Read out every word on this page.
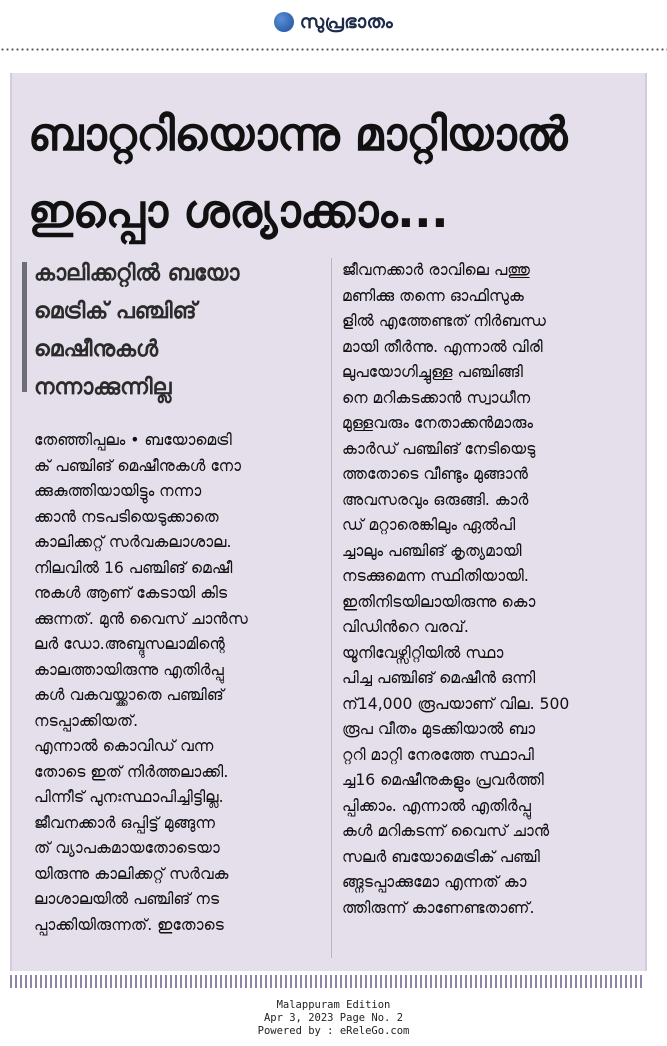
സുപ്രഭാതം
ബാറ്ററിയൊന്നു മാറ്റിയാൽ
ഇപ്പൊ ശര്യാക്കാം...
കാലിക്കറ്റിൽ ബയോ
മെട്രിക് പഞ്ചിങ്
മെഷീനുകൾ
നന്നാക്കുന്നില്ല
തേഞ്ഞിപ്പലം • ബയോമെട്രി
ക് പഞ്ചിങ് മെഷീനുകൾ നോ
ക്കുകുത്തിയായിട്ടും നന്നാ
ക്കാൻ നടപടിയെടുക്കാതെ
കാലിക്കറ്റ് സർവകലാശാല.
നിലവിൽ 16 പഞ്ചിങ് മെഷീ
നുകൾ ആണ് കേടായി കിട
ക്കുന്നത്. മുൻ വൈസ് ചാൻസ
ലർ ഡോ.അബ്ദുസലാമിന്റെ
കാലത്തായിരുന്നു എതിർപ്പു
കൾ വകവയ്ക്കാതെ പഞ്ചിങ്
നടപ്പാക്കിയത്.
എന്നാൽ കൊവിഡ് വന്ന
തോടെ ഇത് നിർത്തലാക്കി.
പിന്നീട് പുനഃസ്ഥാപിച്ചിട്ടില്ല.
ജീവനക്കാർ ഒപ്പിട്ട് മുങ്ങുന്ന
ത് വ്യാപകമായതോടെയാ
യിരുന്നു കാലിക്കറ്റ് സർവക
ലാശാലയിൽ പഞ്ചിങ് നട
പ്പാക്കിയിരുന്നത്. ഇതോടെ
ജീവനക്കാർ രാവിലെ പത്തു
മണിക്കു തന്നെ ഓഫിസുക
ളിൽ എത്തേണ്ടത് നിർബന്ധ
മായി തീർന്നു. എന്നാൽ വിരി
ലുപയോഗിച്ചുള്ള പഞ്ചിങ്ങി
നെ മറികടക്കാൻ സ്വാധീന
മുള്ളവരും നേതാക്കൻമാരും
കാർഡ് പഞ്ചിങ് നേടിയെടു
ത്തതോടെ വീണ്ടും മുങ്ങാൻ
അവസരവും ഒരുങ്ങി. കാർ
ഡ് മറ്റാരെങ്കിലും ഏൽപി
ച്ചാലും പഞ്ചിങ് കൃത്യമായി
നടക്കുമെന്ന സ്ഥിതിയായി.
ഇതിനിടയിലായിരുന്നു കൊ
വിഡിൻറെ വരവ്.
യൂനിവേഴ്സിറ്റിയിൽ സ്ഥാ
പിച്ച പഞ്ചിങ് മെഷീൻ ഒന്നി
ന്14,000 രൂപയാണ് വില. 500
രൂപ വീതം മുടക്കിയാൽ ബാ
റ്ററി മാറ്റി നേരത്തേ സ്ഥാപി
ച്ച16 മെഷീനുകളും പ്രവർത്തി
പ്പിക്കാം. എന്നാൽ എതിർപ്പു
കൾ മറികടന്ന് വൈസ് ചാൻ
സലർ ബയോമെട്രിക് പഞ്ചി
ങ്ങ്നടപ്പാക്കുമോ എന്നത് കാ
ത്തിരുന്ന് കാണേണ്ടതാണ്.
Malappuram Edition
Apr 3, 2023 Page No. 2
Powered by : eReleGo.com
